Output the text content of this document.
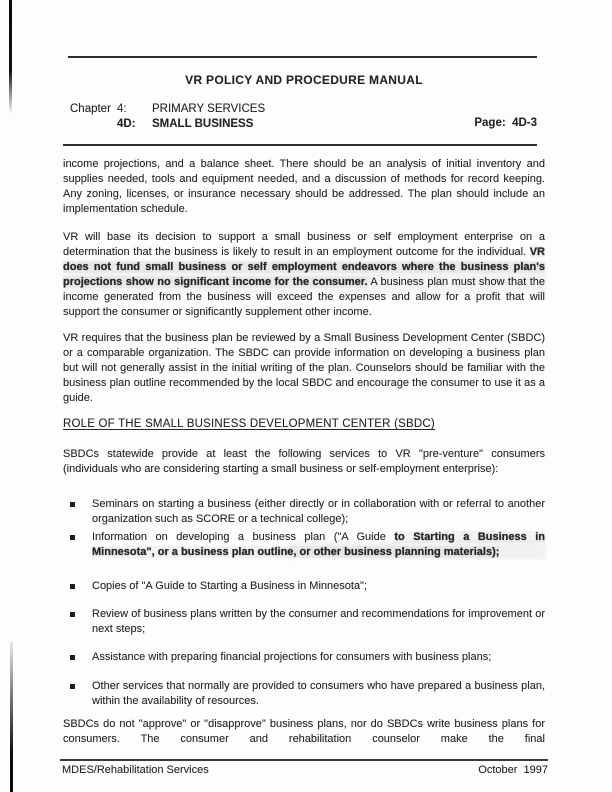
VR POLICY AND PROCEDURE MANUAL
Chapter 4:	PRIMARY SERVICES
4D:	SMALL BUSINESS	Page:  4D-3
income projections, and a balance sheet. There should be an analysis of initial inventory and supplies needed, tools and equipment needed, and a discussion of methods for record keeping. Any zoning, licenses, or insurance necessary should be addressed. The plan should include an implementation schedule.
VR will base its decision to support a small business or self employment enterprise on a determination that the business is likely to result in an employment outcome for the individual. VR does not fund small business or self employment endeavors where the business plan's projections show no significant income for the consumer. A business plan must show that the income generated from the business will exceed the expenses and allow for a profit that will support the consumer or significantly supplement other income.
VR requires that the business plan be reviewed by a Small Business Development Center (SBDC) or a comparable organization. The SBDC can provide information on developing a business plan but will not generally assist in the initial writing of the plan. Counselors should be familiar with the business plan outline recommended by the local SBDC and encourage the consumer to use it as a guide.
ROLE OF THE SMALL BUSINESS DEVELOPMENT CENTER (SBDC)
SBDCs statewide provide at least the following services to VR "pre-venture" consumers (individuals who are considering starting a small business or self-employment enterprise):
Seminars on starting a business (either directly or in collaboration with or referral to another organization such as SCORE or a technical college);
Information on developing a business plan ("A Guide to Starting a Business in Minnesota", or a business plan outline, or other business planning materials);
Copies of "A Guide to Starting a Business in Minnesota";
Review of business plans written by the consumer and recommendations for improvement or next steps;
Assistance with preparing financial projections for consumers with business plans;
Other services that normally are provided to consumers who have prepared a business plan, within the availability of resources.
SBDCs do not "approve" or "disapprove" business plans, nor do SBDCs write business plans for consumers. The consumer and rehabilitation counselor make the final
MDES/Rehabilitation Services	October  1997
